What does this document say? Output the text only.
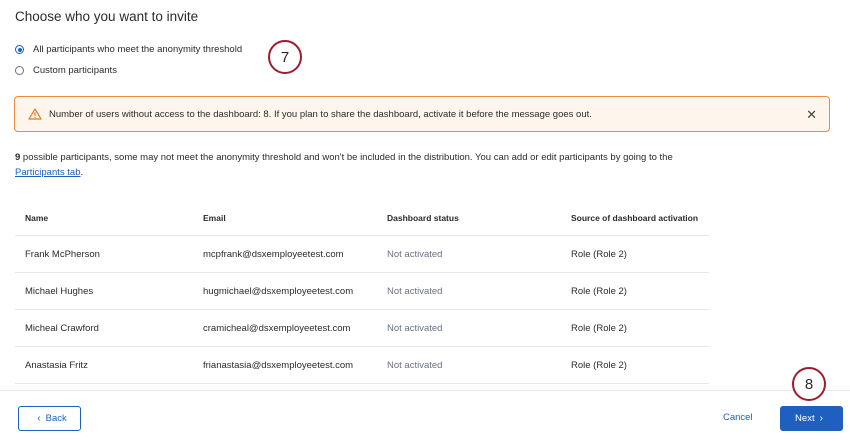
Choose who you want to invite
All participants who meet the anonymity threshold
Custom participants
7
Number of users without access to the dashboard: 8. If you plan to share the dashboard, activate it before the message goes out.	✕
9 possible participants, some may not meet the anonymity threshold and won't be included in the distribution. You can add or edit participants by going to the Participants tab.
Name	Email	Dashboard status	Source of dashboard activation
Frank McPherson	mcpfrank@dsxemployeetest.com	Not activated	Role (Role 2)
Michael Hughes	hugmichael@dsxemployeetest.com	Not activated	Role (Role 2)
Micheal Crawford	cramicheal@dsxemployeetest.com	Not activated	Role (Role 2)
Anastasia Fritz	frianastasia@dsxemployeetest.com	Not activated	Role (Role 2)
‹ Back	Cancel
8
Next ›
